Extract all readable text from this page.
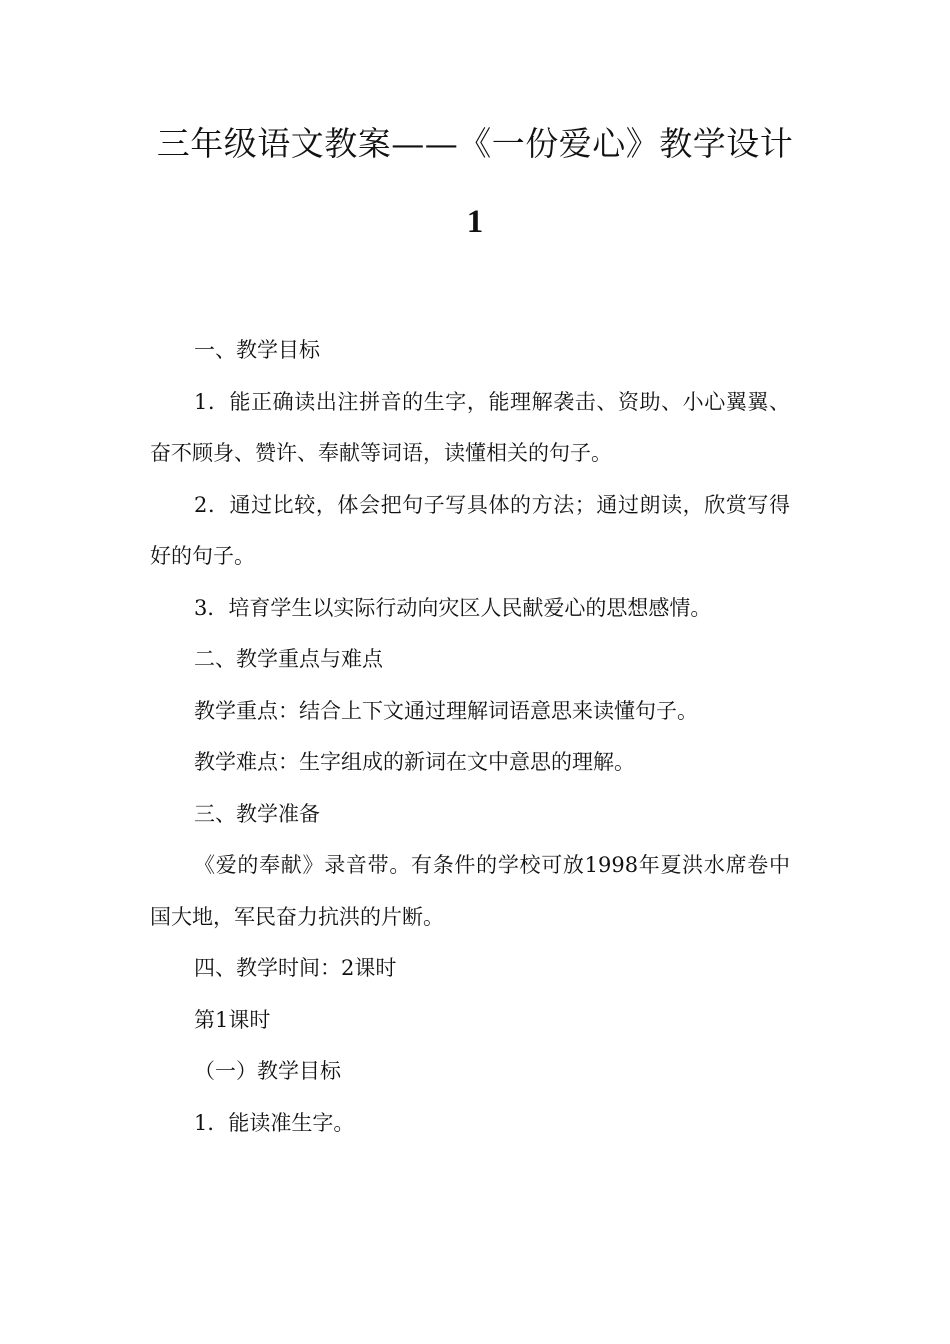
三年级语文教案——《一份爱心》教学设计
1

一、教学目标

1．能正确读出注拼音的生字，能理解袭击、资助、小心翼翼、奋不顾身、赞许、奉献等词语，读懂相关的句子。

2．通过比较，体会把句子写具体的方法；通过朗读，欣赏写得好的句子。

3．培育学生以实际行动向灾区人民献爱心的思想感情。

二、教学重点与难点

教学重点：结合上下文通过理解词语意思来读懂句子。

教学难点：生字组成的新词在文中意思的理解。

三、教学准备

《爱的奉献》录音带。有条件的学校可放1998年夏洪水席卷中国大地，军民奋力抗洪的片断。

四、教学时间：2课时

第1课时

（一）教学目标

1．能读准生字。
